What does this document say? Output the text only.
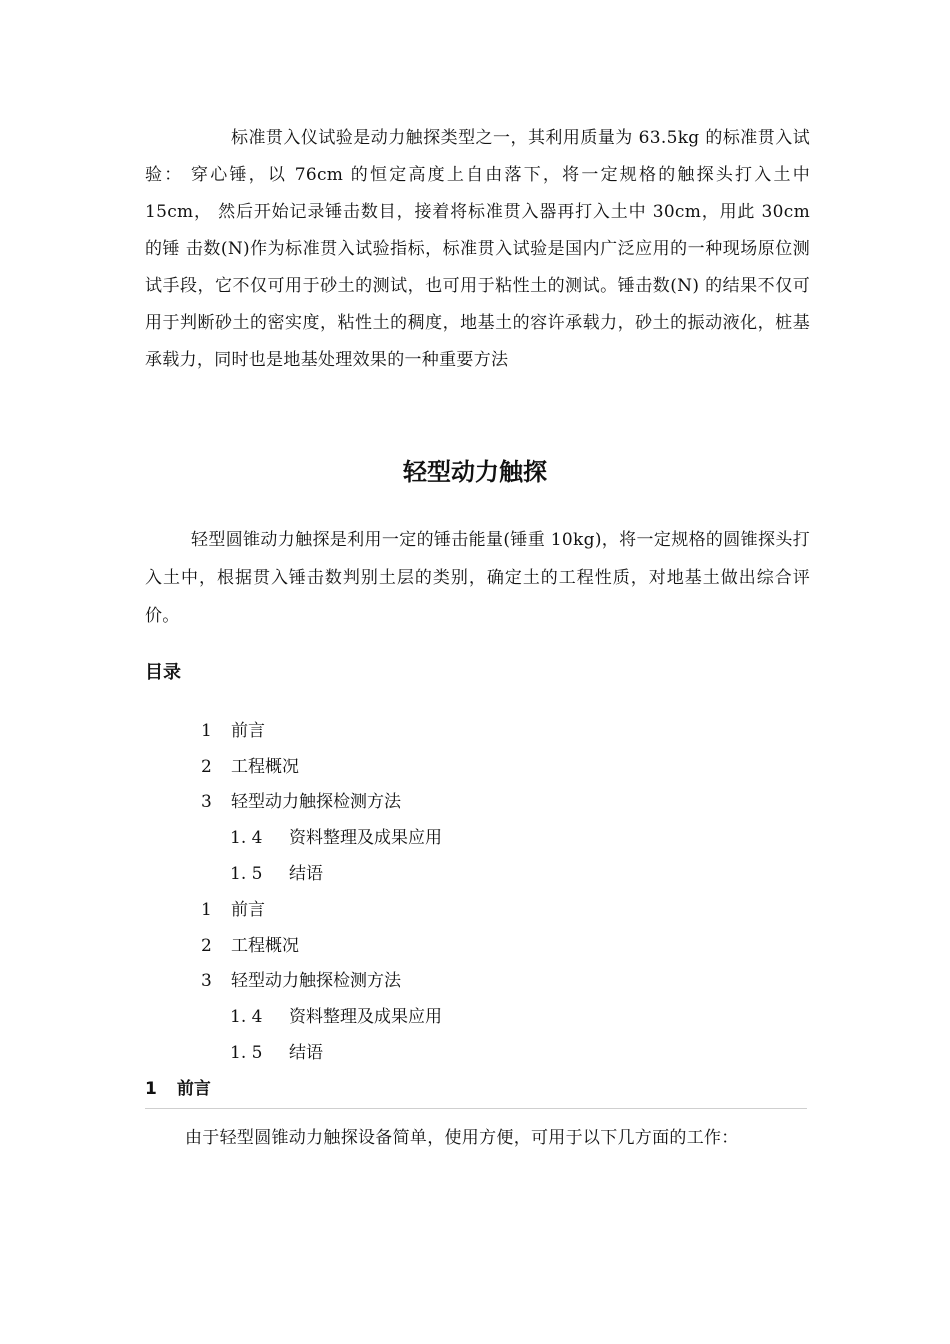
标准贯入仪试验是动力触探类型之一，其利用质量为 63.5kg 的标准贯入试验： 穿心锤，以 76cm 的恒定高度上自由落下，将一定规格的触探头打入土中 15cm， 然后开始记录锤击数目，接着将标准贯入器再打入土中 30cm，用此 30cm 的锤 击数(N)作为标准贯入试验指标，标准贯入试验是国内广泛应用的一种现场原位测试手段，它不仅可用于砂土的测试，也可用于粘性土的测试。锤击数(N) 的结果不仅可用于判断砂土的密实度，粘性土的稠度，地基土的容许承载力，砂土的振动液化，桩基承载力，同时也是地基处理效果的一种重要方法

轻型动力触探

轻型圆锥动力触探是利用一定的锤击能量(锤重 10kg)，将一定规格的圆锥探头打入土中，根据贯入锤击数判别土层的类别，确定土的工程性质，对地基土做出综合评价。

目录
1 前言
2 工程概况
3 轻型动力触探检测方法
1. 4 资料整理及成果应用
1. 5 结语
1 前言
2 工程概况
3 轻型动力触探检测方法
1. 4 资料整理及成果应用
1. 5 结语
1 前言

由于轻型圆锥动力触探设备简单，使用方便，可用于以下几方面的工作：
